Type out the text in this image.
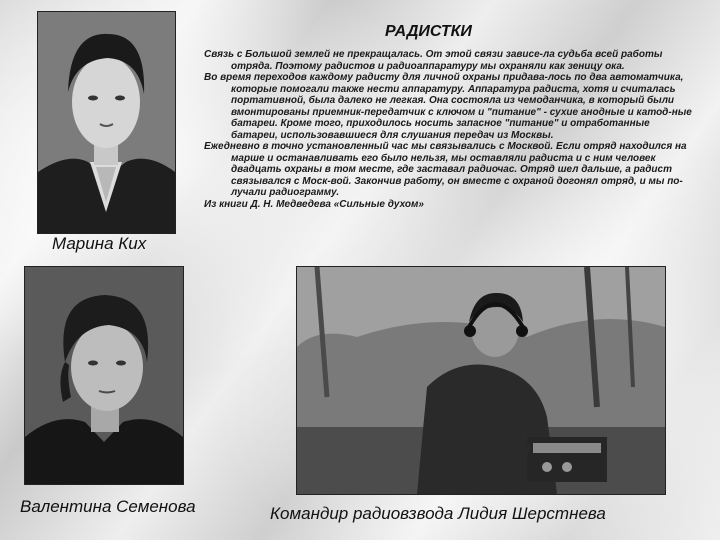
Марина Ких
Валентина Семенова	Командир радиовзвода Лидия Шерстнева
РАДИСТКИ

Связь с Большой землей не прекращалась. От этой связи зависе-ла судьба всей работы отряда. Поэтому радистов и радиоаппаратуру мы охраняли как зеницу ока.

Во время переходов каждому радисту для личной охраны придава-лось по два автоматчика, которые помогали также нести аппаратуру. Аппаратура радиста, хотя и считалась портативной, была далеко не легкая. Она состояла из чемоданчика, в который были вмонтированы приемник-передатчик с ключом и "питание" - сухие анодные и катод-ные батареи. Кроме того, приходилось носить запасное "питание" и отработанные батареи, использовавшиеся для слушания передач из Москвы.

Ежедневно в точно установленный час мы связывались с Москвой. Если отряд находился на марше и останавливать его было нельзя, мы оставляли радиста и с ним человек двадцать охраны в том месте, где заставал радиочас. Отряд шел дальше, а радист связывался с Моск-вой. Закончив работу, он вместе с охраной догонял отряд, и мы по-лучали радиограмму.

Из книги Д. Н. Медведева «Сильные духом»
